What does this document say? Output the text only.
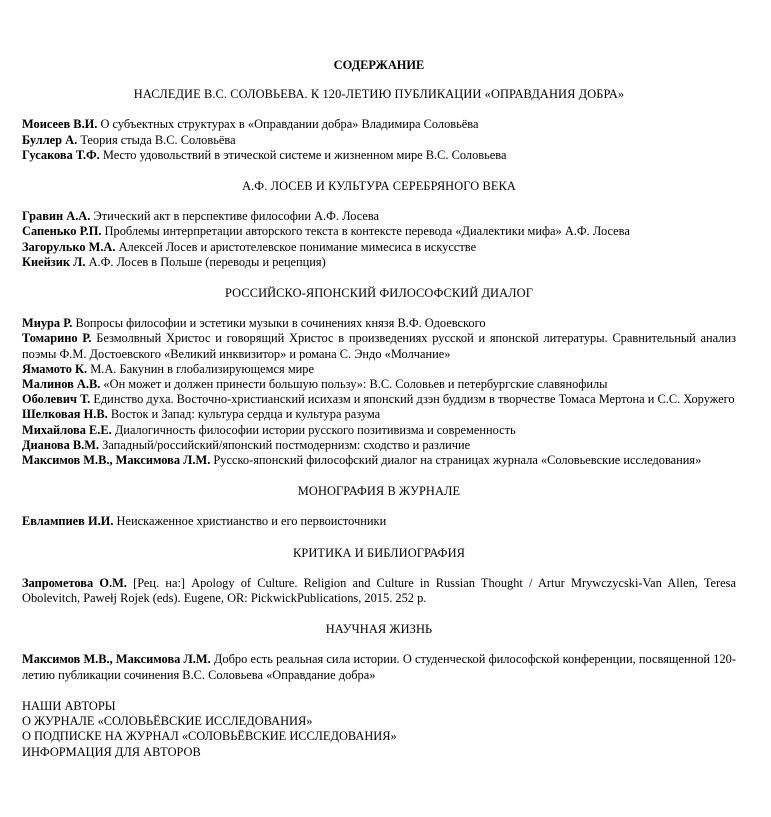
СОДЕРЖАНИЕ
НАСЛЕДИЕ В.С. СОЛОВЬЕВА. К 120-ЛЕТИЮ ПУБЛИКАЦИИ «ОПРАВДАНИЯ ДОБРА»

Моисеев В.И. О субъектных структурах в «Оправдании добра» Владимира Соловьёва

Буллер А. Теория стыда В.С. Соловьёва

Гусакова Т.Ф. Место удовольствий в этической системе и жизненном мире В.С. Соловьева

А.Ф. ЛОСЕВ И КУЛЬТУРА СЕРЕБРЯНОГО ВЕКА

Гравин А.А. Этический акт в перспективе философии А.Ф. Лосева

Сапенько Р.П. Проблемы интерпретации авторского текста в контексте перевода «Диалектики мифа» А.Ф. Лосева

Загорулько М.А. Алексей Лосев и аристотелевское понимание мимесиса в искусстве

Киейзик Л. А.Ф. Лосев в Польше (переводы и рецепция)

РОССИЙСКО-ЯПОНСКИЙ ФИЛОСОФСКИЙ ДИАЛОГ

Миура Р. Вопросы философии и эстетики музыки в сочинениях князя В.Ф. Одоевского

Томарино Р. Безмолвный Христос и говорящий Христос в произведениях русской и японской литературы. Сравнительный анализ поэмы Ф.М. Достоевского «Великий инквизитор» и романа С. Эндо «Молчание»

Ямамото К. М.А. Бакунин в глобализирующемся мире

Малинов А.В. «Он может и должен принести большую пользу»: В.С. Соловьев и петербургские славянофилы

Оболевич Т. Единство духа. Восточно-христианский исихазм и японский дзэн буддизм в творчестве Томаса Мертона и С.С. Хоружего

Шелковая Н.В. Восток и Запад: культура сердца и культура разума

Михайлова Е.Е. Диалогичность философии истории русского позитивизма и современность

Дианова В.М. Западный/российский/японский постмодернизм: сходство и различие

Максимов М.В., Максимова Л.М. Русско-японский философский диалог на страницах журнала «Соловьевские исследования»

МОНОГРАФИЯ В ЖУРНАЛЕ

Евлампиев И.И. Неискаженное христианство и его первоисточники

КРИТИКА И БИБЛИОГРАФИЯ

Запрометова О.М. [Рец. на:] Apology of Culture. Religion and Culture in Russian Thought / Artur Mrywczycski-Van Allen, Teresa Obolevitch, Pawełj Rojek (eds). Eugene, OR: PickwickPublications, 2015. 252 p.

НАУЧНАЯ ЖИЗНЬ

Максимов М.В., Максимова Л.М. Добро есть реальная сила истории. О студенческой философской конференции, посвященной 120-летию публикации сочинения В.С. Соловьева «Оправдание добра»

НАШИ АВТОРЫ
О ЖУРНАЛЕ «СОЛОВЬЁВСКИЕ ИССЛЕДОВАНИЯ»
О ПОДПИСКЕ НА ЖУРНАЛ «СОЛОВЬЁВСКИЕ ИССЛЕДОВАНИЯ»
ИНФОРМАЦИЯ ДЛЯ АВТОРОВ
